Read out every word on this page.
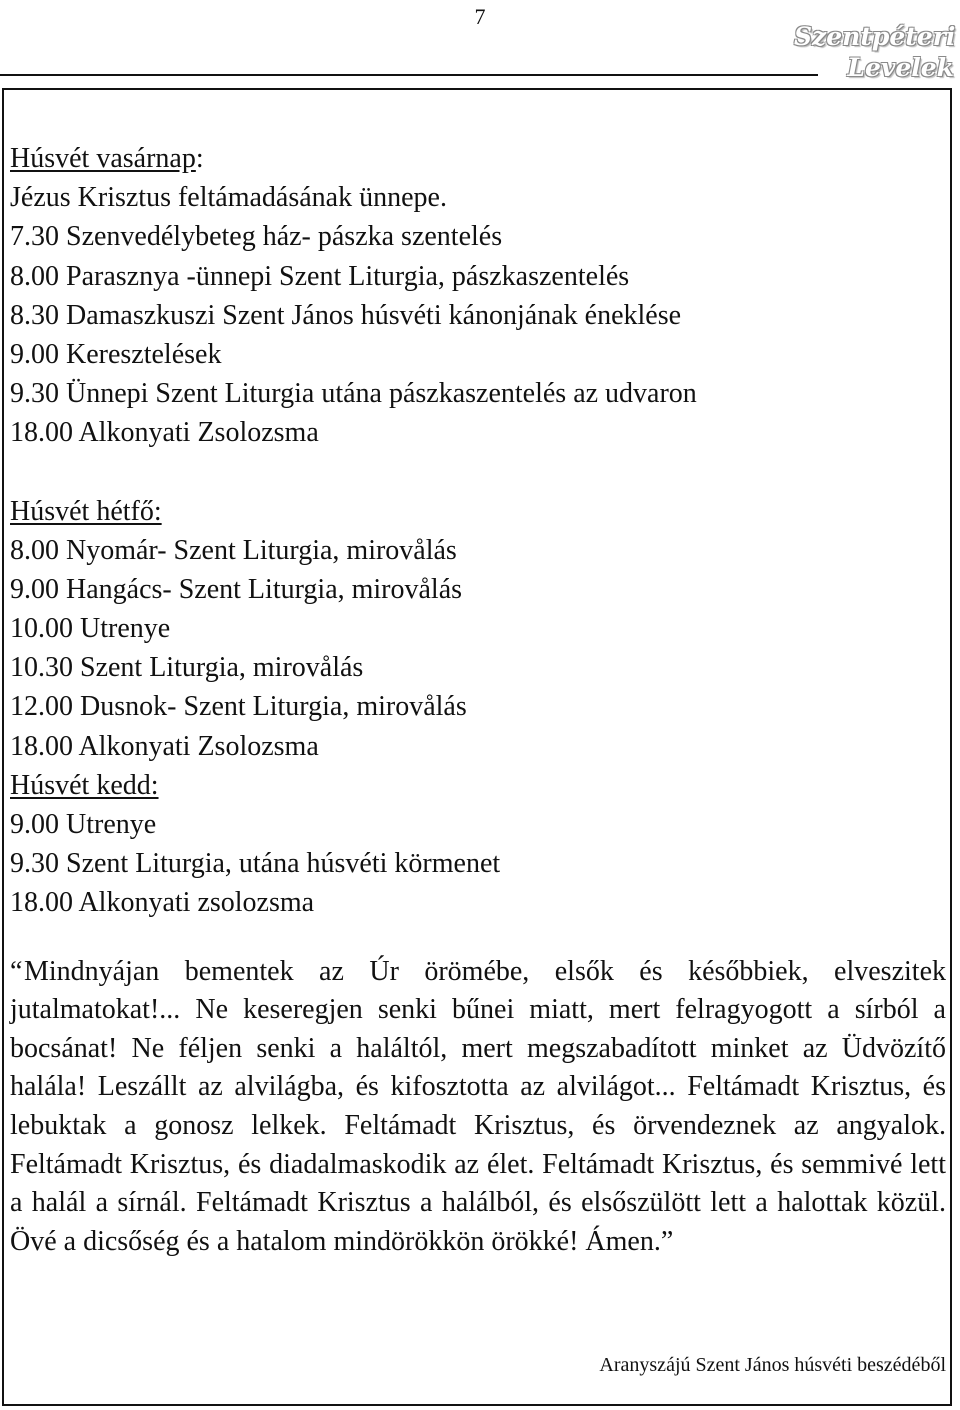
7
Szentpéteri
Levelek
Húsvét vasárnap:
Jézus Krisztus feltámadásának ünnepe.
7.30 Szenvedélybeteg ház- pászka szentelés
8.00 Parasznya -ünnepi Szent Liturgia, pászkaszentelés
8.30 Damaszkuszi Szent János húsvéti kánonjának éneklése
9.00 Keresztelések
9.30 Ünnepi Szent Liturgia utána pászkaszentelés az udvaron
18.00 Alkonyati Zsolozsma
Húsvét hétfő:
8.00 Nyomár- Szent Liturgia, mirovålás
9.00 Hangács- Szent Liturgia, mirovålás
10.00 Utrenye
10.30 Szent Liturgia, mirovålás
12.00 Dusnok- Szent Liturgia, mirovålás
18.00 Alkonyati Zsolozsma
Húsvét kedd:
9.00 Utrenye
9.30 Szent Liturgia, utána húsvéti körmenet
18.00 Alkonyati zsolozsma

“Mindnyájan bementek az Úr örömébe, elsők és későbbiek, elveszitek jutalmatokat!... Ne keseregjen senki bűnei miatt, mert felragyogott a sírból a bocsánat! Ne féljen senki a haláltól, mert megszabadított minket az Üdvözítő halála! Leszállt az alvilágba, és kifosztotta az alvilágot... Feltámadt Krisztus, és lebuktak a gonosz lelkek. Feltámadt Krisztus, és örvendeznek az angyalok. Feltámadt Krisztus, és diadalmaskodik az élet. Feltámadt Krisztus, és semmivé lett a halál a sírnál. Feltámadt Krisztus a halálból, és elsőszülött lett a halottak közül. Övé a dicsőség és a hatalom mindörökkön örökké! Ámen.”

Aranyszájú Szent János húsvéti beszédéből
